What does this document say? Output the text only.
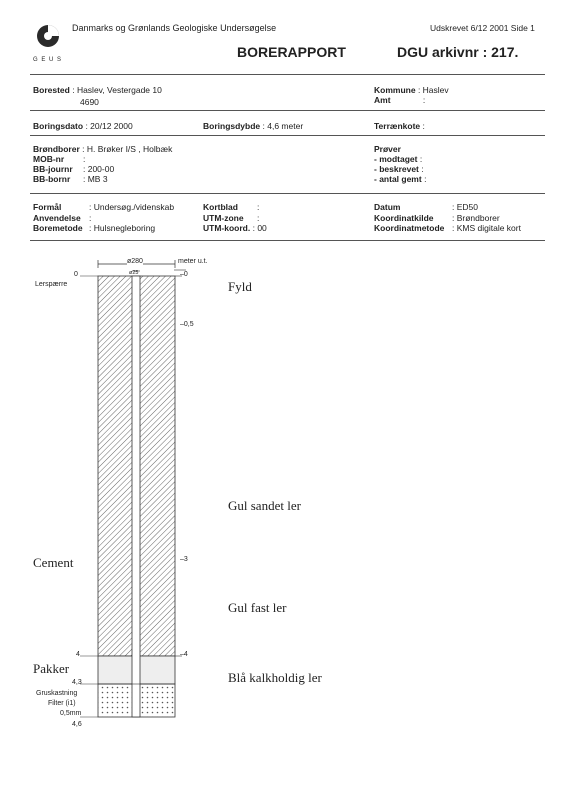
G E U S
Danmarks og Grønlands Geologiske Undersøgelse	Udskrevet 6/12 2001 Side 1
BORERAPPORT	DGU arkivnr : 217.
Borested : Haslev, Vestergade 10
4690
Kommune : Haslev
Amt	:
Boringsdato : 20/12 2000	Boringsdybde : 4,6 meter	Terrænkote :
Brøndborer : H. Brøker I/S , Holbæk
MOB-nr :
BB-journr : 200-00
BB-bornr : MB 3
Prøver
- modtaget :
- beskrevet :
- antal gemt :
Formål	: Undersøg./videnskab
Anvendelse :
Boremetode : Hulsnegleboring
Kortblad :
UTM-zone :
UTM-koord. : 00
Datum	: ED50
Koordinatkilde : Brøndborer
Koordinatmetode : KMS digitale kort
ø280
ø25
meter u.t.
0
Lerspærre
Cement
4
Pakker
4,3
Gruskastning
Filter (i1)
0,5mm
4,6
–0
–0,5
–3
–4
Fyld
Gul sandet ler
Gul fast ler
Blå kalkholdig ler
